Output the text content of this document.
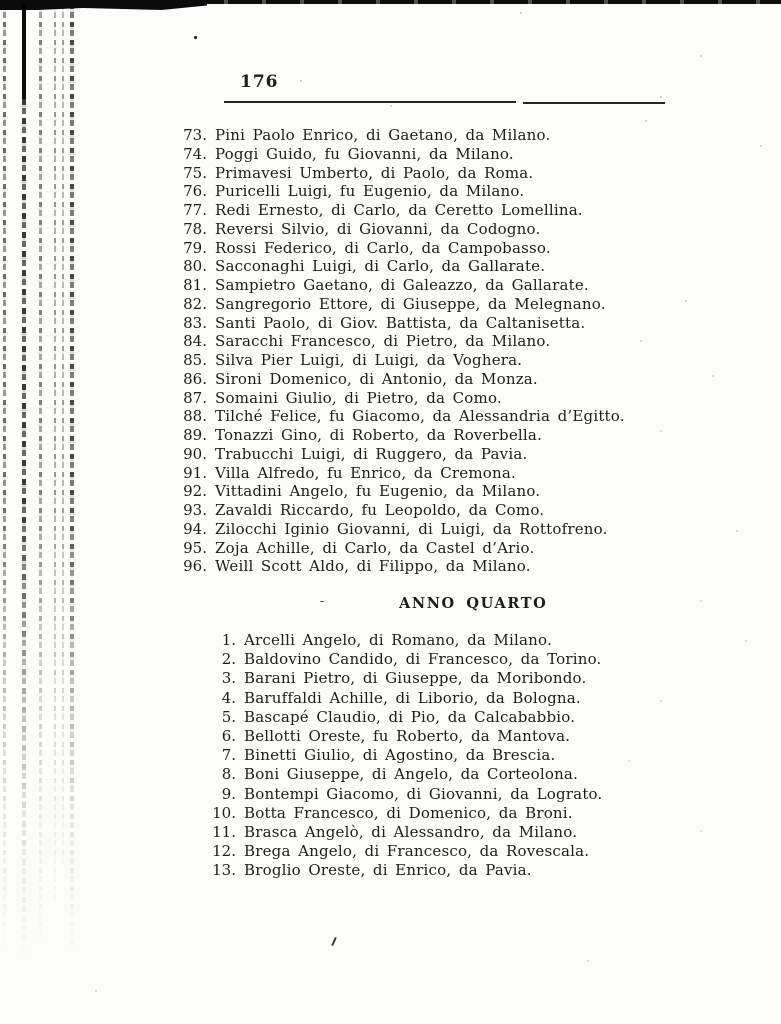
176
73. Pini Paolo Enrico, di Gaetano, da Milano.
74. Poggi Guido, fu Giovanni, da Milano.
75. Primavesi Umberto, di Paolo, da Roma.
76. Puricelli Luigi, fu Eugenio, da Milano.
77. Redi Ernesto, di Carlo, da Ceretto Lomellina.
78. Reversi Silvio, di Giovanni, da Codogno.
79. Rossi Federico, di Carlo, da Campobasso.
80. Sacconaghi Luigi, di Carlo, da Gallarate.
81. Sampietro Gaetano, di Galeazzo, da Gallarate.
82. Sangregorio Ettore, di Giuseppe, da Melegnano.
83. Santi Paolo, di Giov. Battista, da Caltanisetta.
84. Saracchi Francesco, di Pietro, da Milano.
85. Silva Pier Luigi, di Luigi, da Voghera.
86. Sironi Domenico, di Antonio, da Monza.
87. Somaini Giulio, di Pietro, da Como.
88. Tilché Felice, fu Giacomo, da Alessandria d’Egitto.
89. Tonazzi Gino, di Roberto, da Roverbella.
90. Trabucchi Luigi, di Ruggero, da Pavia.
91. Villa Alfredo, fu Enrico, da Cremona.
92. Vittadini Angelo, fu Eugenio, da Milano.
93. Zavaldi Riccardo, fu Leopoldo, da Como.
94. Zilocchi Iginio Giovanni, di Luigi, da Rottofreno.
95. Zoja Achille, di Carlo, da Castel d’Ario.
96. Weill Scott Aldo, di Filippo, da Milano.
-	ANNO QUARTO
1. Arcelli Angelo, di Romano, da Milano.
2. Baldovino Candido, di Francesco, da Torino.
3. Barani Pietro, di Giuseppe, da Moribondo.
4. Baruffaldi Achille, di Liborio, da Bologna.
5. Bascapé Claudio, di Pio, da Calcababbio.
6. Bellotti Oreste, fu Roberto, da Mantova.
7. Binetti Giulio, di Agostino, da Brescia.
8. Boni Giuseppe, di Angelo, da Corteolona.
9. Bontempi Giacomo, di Giovanni, da Lograto.
10. Botta Francesco, di Domenico, da Broni.
11. Brasca Angelò, di Alessandro, da Milano.
12. Brega Angelo, di Francesco, da Rovescala.
13. Broglio Oreste, di Enrico, da Pavia.
